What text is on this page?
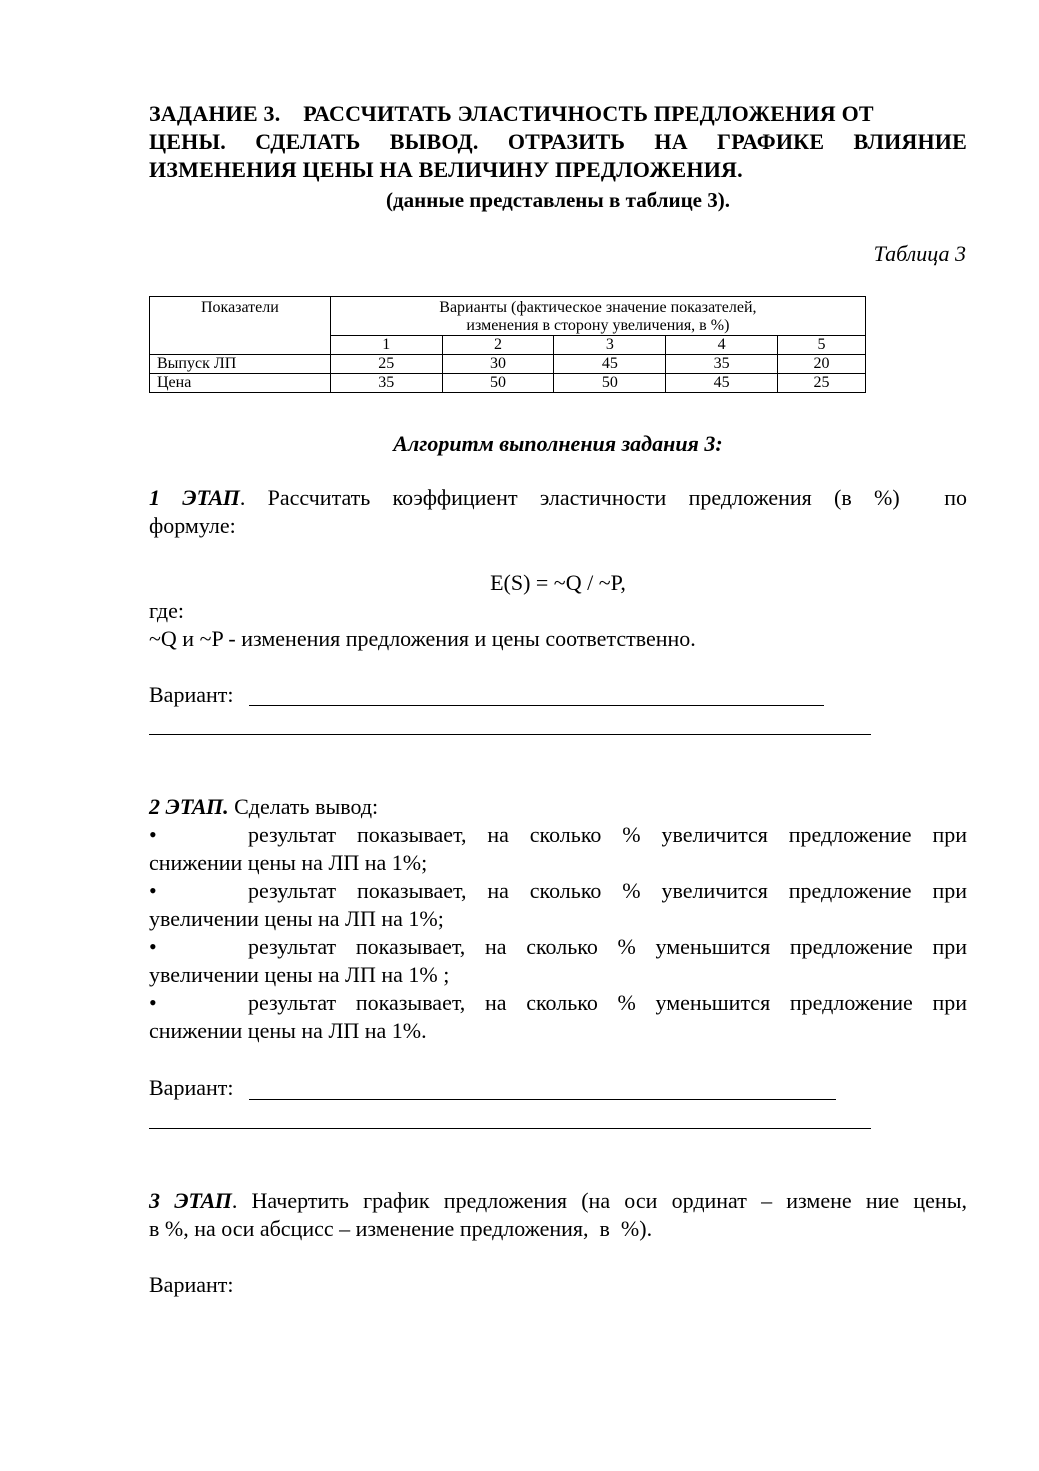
ЗАДАНИЕ 3.    РАССЧИТАТЬ ЭЛАСТИЧНОСТЬ ПРЕДЛОЖЕНИЯ ОТ
ЦЕНЫ. СДЕЛАТЬ ВЫВОД. ОТРАЗИТЬ НА ГРАФИКЕ ВЛИЯНИЕ
ИЗМЕНЕНИЯ ЦЕНЫ НА ВЕЛИЧИНУ ПРЕДЛОЖЕНИЯ.
(данные представлены в таблице 3).
Таблица 3
Показатели	Варианты (фактическое значение показателей,
изменения в сторону увеличения, в %)				
	1	2	3	4	5
Выпуск ЛП	25	30	45	35	20
Цена	35	50	50	45	25
Алгоритм выполнения задания 3:
1 ЭТАП. Рассчитать коэффициент эластичности предложения (в %)  по
формуле:
E(S) = ~Q / ~P,
где:
~Q и ~P - изменения предложения и цены соответственно.
Вариант:
2 ЭТАП. Сделать вывод:
•	результат показывает, на сколько % увеличится предложение при
снижении цены на ЛП на 1%;
•	результат показывает, на сколько % увеличится предложение при
увеличении цены на ЛП на 1%;
•	результат показывает, на сколько % уменьшится предложение при
увеличении цены на ЛП на 1% ;
•	результат показывает, на сколько % уменьшится предложение при
снижении цены на ЛП на 1%.
Вариант:
3 ЭТАП. Начертить график предложения (на оси ординат – измене ние цены,
в %, на оси абсцисс – изменение предложения,  в  %).
Вариант:
